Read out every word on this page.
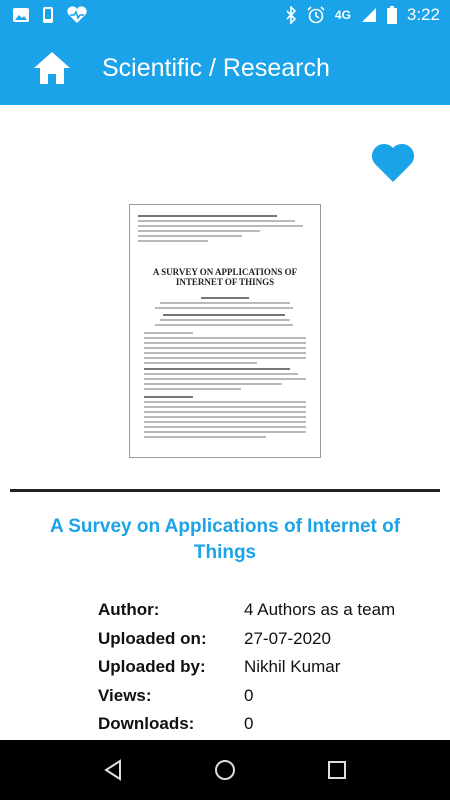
4G	3:22
Scientific / Research
A SURVEY ON APPLICATIONS OF INTERNET OF THINGS
A Survey on Applications of Internet of Things
Author:	4 Authors as a team
Uploaded on:	27-07-2020
Uploaded by:	Nikhil Kumar
Views:	0
Downloads:	0
